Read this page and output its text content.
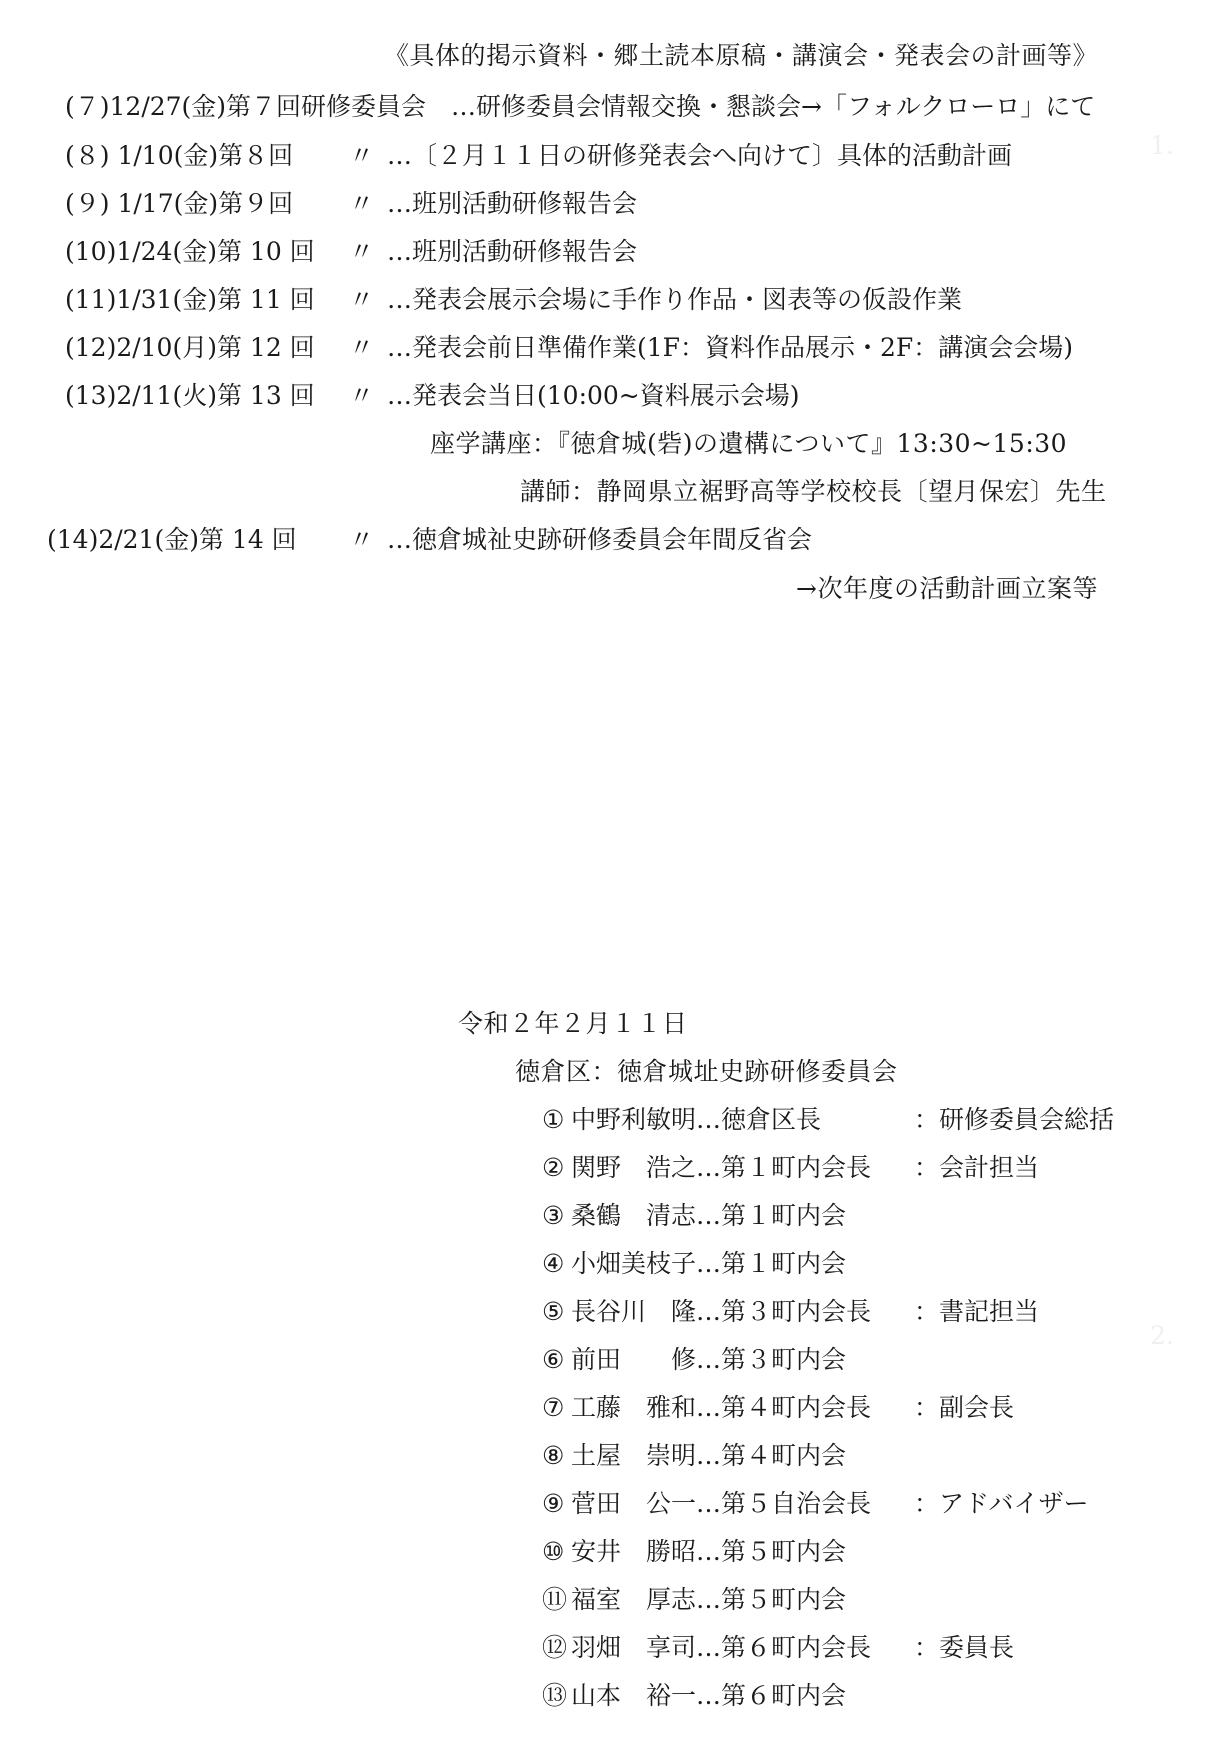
1.
2.
《具体的掲示資料・郷土読本原稿・講演会・発表会の計画等》
(７)12/27(金)第７回研修委員会 …研修委員会情報交換・懇談会→「フォルクローロ」にて
(８) 1/10(金)第８回 〃 …〔２月１１日の研修発表会へ向けて〕具体的活動計画
(９) 1/17(金)第９回 〃 …班別活動研修報告会
(10)1/24(金)第 10 回 〃 …班別活動研修報告会
(11)1/31(金)第 11 回 〃 …発表会展示会場に手作り作品・図表等の仮設作業
(12)2/10(月)第 12 回 〃 …発表会前日準備作業(1F：資料作品展示・2F：講演会会場)
(13)2/11(火)第 13 回 〃 …発表会当日(10:00~資料展示会場)
座学講座：『徳倉城(砦)の遺構について』13:30~15:30
講師：静岡県立裾野高等学校校長〔望月保宏〕先生
(14)2/21(金)第 14 回 〃 …徳倉城祉史跡研修委員会年間反省会
→次年度の活動計画立案等
令和２年２月１１日
徳倉区：徳倉城址史跡研修委員会
① 中野利敏明…徳倉区長	：研修委員会総括
② 関野　浩之…第１町内会長 ：会計担当
③ 桑鶴　清志…第１町内会
④ 小畑美枝子…第１町内会
⑤ 長谷川　隆…第３町内会長 ：書記担当
⑥ 前田　　修…第３町内会
⑦ 工藤　雅和…第４町内会長 ：副会長
⑧ 土屋　崇明…第４町内会
⑨ 菅田　公一…第５自治会長 ：アドバイザー
⑩ 安井　勝昭…第５町内会
⑪ 福室　厚志…第５町内会
⑫ 羽畑　享司…第６町内会長 ：委員長
⑬ 山本　裕一…第６町内会
